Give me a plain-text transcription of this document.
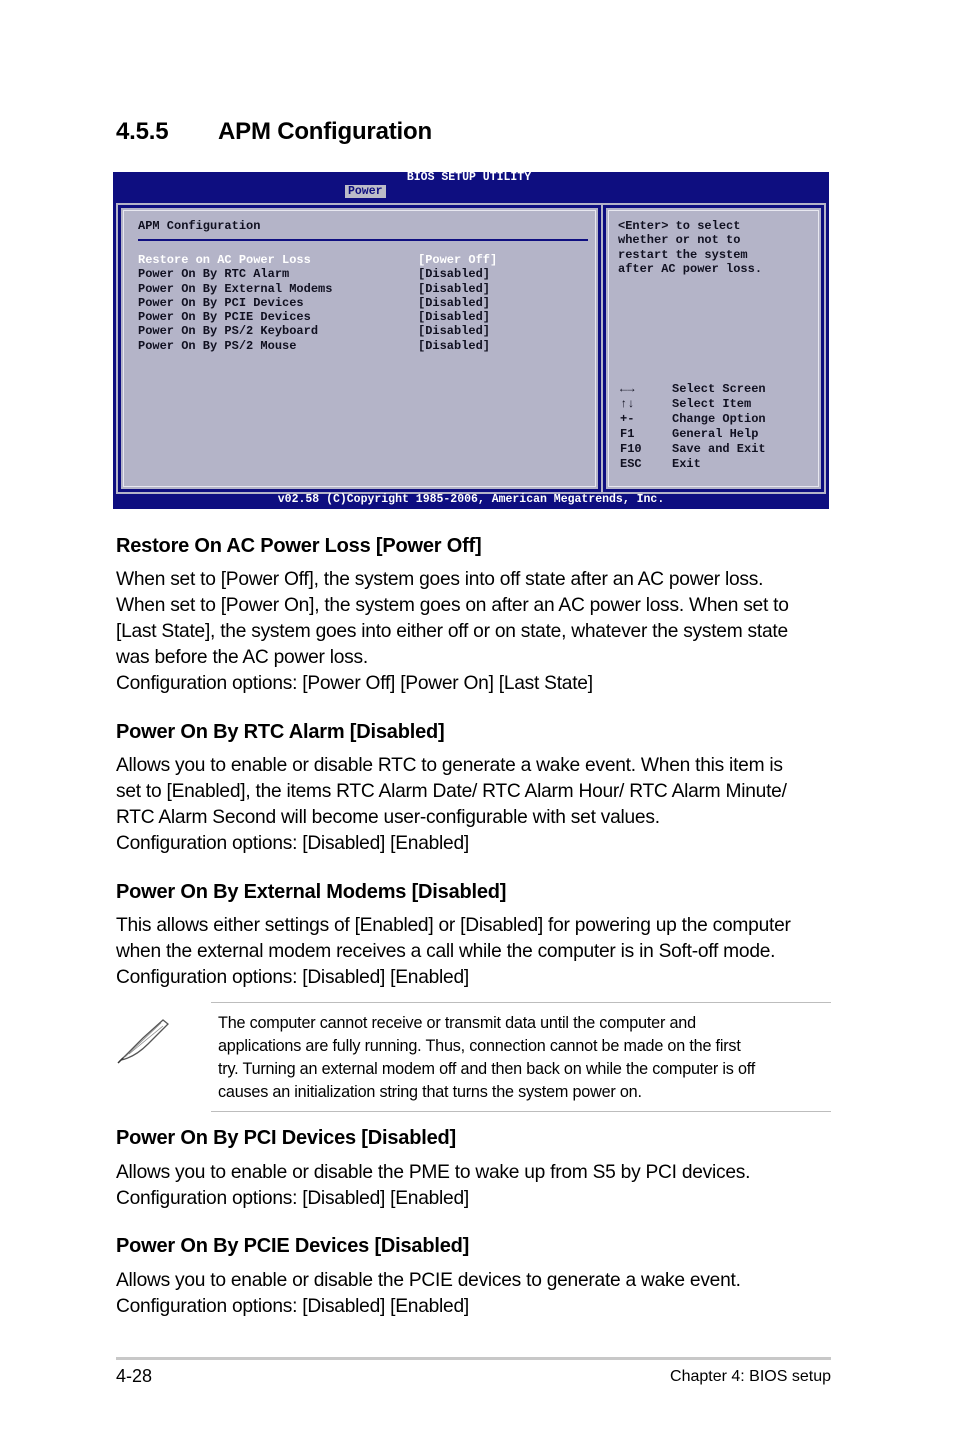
4.5.5 APM Configuration
BIOS SETUP UTILITY
Power
APM Configuration
Restore on AC Power Loss	[Power Off]
Power On By RTC Alarm	[Disabled]
Power On By External Modems	[Disabled]
Power On By PCI Devices	[Disabled]
Power On By PCIE Devices	[Disabled]
Power On By PS/2 Keyboard	[Disabled]
Power On By PS/2 Mouse	[Disabled]
<Enter> to select
whether or not to
restart the system
after AC power loss.
←→	Select Screen
↑↓	Select Item
+-	Change Option
F1	General Help
F10	Save and Exit
ESC	Exit
v02.58 (C)Copyright 1985-2006, American Megatrends, Inc.
Restore On AC Power Loss [Power Off]

When set to [Power Off], the system goes into off state after an AC power loss.

When set to [Power On], the system goes on after an AC power loss. When set to

[Last State], the system goes into either off or on state, whatever the system state

was before the AC power loss.

Configuration options: [Power Off] [Power On] [Last State]

Power On By RTC Alarm [Disabled]

Allows you to enable or disable RTC to generate a wake event. When this item is

set to [Enabled], the items RTC Alarm Date/ RTC Alarm Hour/ RTC Alarm Minute/

RTC Alarm Second will become user-configurable with set values.

Configuration options: [Disabled] [Enabled]

Power On By External Modems [Disabled]

This allows either settings of [Enabled] or [Disabled] for powering up the computer

when the external modem receives a call while the computer is in Soft-off mode.

Configuration options: [Disabled] [Enabled]

The computer cannot receive or transmit data until the computer and

applications are fully running. Thus, connection cannot be made on the first

try. Turning an external modem off and then back on while the computer is off

causes an initialization string that turns the system power on.

Power On By PCI Devices [Disabled]

Allows you to enable or disable the PME to wake up from S5 by PCI devices.

Configuration options: [Disabled] [Enabled]

Power On By PCIE Devices [Disabled]

Allows you to enable or disable the PCIE devices to generate a wake event.

Configuration options: [Disabled] [Enabled]

4-28	Chapter 4: BIOS setup
